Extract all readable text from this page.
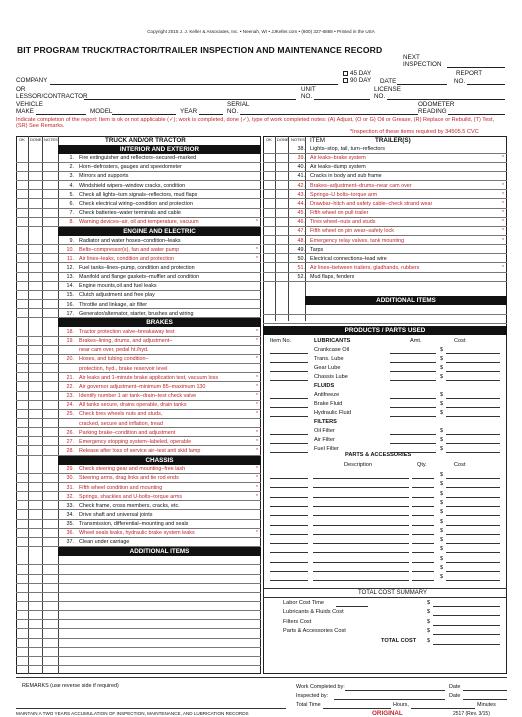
Copyright 2015 J. J. Keller & Associates, Inc. • Neenah, WI • JJKeller.com • (800) 327-6868 • Printed in the USA
BIT PROGRAM TRUCK/TRACTOR/TRAILER INSPECTION AND MAINTENANCE RECORD
NEXT
INSPECTION
COMPANY
45 DAY
90 DAY DATE
REPORT
NO.
OR
LESSOR/CONTRACTOR
UNIT
NO.
LICENSE
NO.
VEHICLE
MAKE	MODEL	YEAR
SERIAL
NO.
ODOMETER
READING
Indicate completion of the report: Item is ok or not applicable (✓); work is completed, done (✓), type of work completed notes: (A) Adjust, (O or G) Oil or Grease, (R) Replace or Rebuild, (T) Test, (SR) See Remarks.
*Inspection of these items required by 34505.5 CVC
TRUCK AND/OR TRACTOR
OK DONE NOTES	TRAILER(S)
OK DONE NOTES ITEM
ADDITIONAL ITEMS
PRODUCTS / PARTS USED
Item No.	LUBRICANTS	Amt.	Cost
PARTS & ACCESSORIES
Description	Qty.	Cost
TOTAL COST SUMMARY
REMARKS (use reverse side if required)	Work Completed by:	Date
Inspected by:	Date
Total Time	Hours,	Minutes
MAINTAIN A TWO YEARS ACCUMULATION OF INSPECTION, MAINTENANCE, AND LUBRICATION RECORDS	ORIGINAL	2517 (Rev. 3/15)
INTERIOR AND EXTERIOR
1. Fire extinguisher and reflectors–secured–marked
2. Horn–defrosters, gauges and speedometer
3. Mirrors and supports
4. Windshield wipers–window cracks, condition
5. Check all lights–turn signals–reflectors, mud flaps
6. Check electrical wiring–condition and protection
7. Check batteries–water terminals and cable
8. Warning devices–air, oil and temperature, vacuum	*
ENGINE AND ELECTRIC
9. Radiator and water hoses–condition–leaks
10. Belts–compressor(s), fan and water pump	*
11. Air lines–leaks, condition and protection	*
12. Fuel tanks–lines–pump, condition and protection
13. Manifold and flange gaskets–muffler and condition
14. Engine mounts,oil and fuel leaks
15. Clutch adjustment and free play
16. Throttle and linkage, air filter
17. Generator/alternator, starter, brushes and wiring
BRAKES
18. Tractor protection valve–breakaway test	*
19. Brakes–lining, drums, and adjustment–	*
near cam over, pedal ht./hyd.
20. Hoses, and tubing condition–	*
protection, hyd., brake reservoir level
21. Air leaks and 1-minute brake application test, vacuum loss	*
22. Air governor adjustment–minimum 85–maximum 130	*
23. Identify number 1 air tank–drain–test check valve	*
24. All tanks secure, drains operable, drain tanks	*
25. Check tires wheels nuts and studs,	*
cracked, secure and inflation, tread
26. Parking brake–condition and adjustment	*
27. Emergency stopping system–labeled, operable	*
28. Release after loss of service air–test anti skid lamp	*
CHASSIS
29. Check steering gear and mounting–free lash	*
30. Steering arms, drag links and tie rod ends	*
31. Fifth wheel condition and mounting	*
32. Springs, shackles and U-bolts–torque arms	*
33. Check frame, cross members, cracks, etc.
34. Drive shaft and universal joints
35. Transmission, differential–mounting and seals
36. Wheel seals leaks, hydraulic brake system leaks	*
37. Clean under carriage
ADDITIONAL ITEMS
38. Lights–stop, tail, turn–reflectors
39. Air leaks–brake system	*
40. Air leaks–dump system
41. Cracks in body and sub frame
42. Brakes–adjustment–drums–near cam over	*
43. Springs–U bolts–torque arm	*
44. Drawbar–hitch and safety cable–check strand wear	*
45. Fifth wheel on pull trailer	*
46. Tires wheel–nuts and studs	*
47. Fifth wheel on pin wear–safety lock	*
48. Emergency relay valves, tank mounting	*
49. Tarps
50. Electrical connections–lead wire
51. Air lines–between trailers, gladhands, rubbers	*
52. Mud flaps, fenders
Crankcase Oil	$
Trans. Lube	$
Gear Lube	$
Chassis Lube	$
FLUIDS
Antifreeze	$
Brake Fluid	$
Hydraulic Fluid	$
FILTERS
Oil Filter	$
Air Filter	$
Fuel Filter	$
$
$
$
$
$
$
$
$
$
$
$
$
Labor Cost Time	$
Lubricants & Fluids Cost	$
Filters Cost	$
Parts & Accessories Cost	$
TOTAL COST $
